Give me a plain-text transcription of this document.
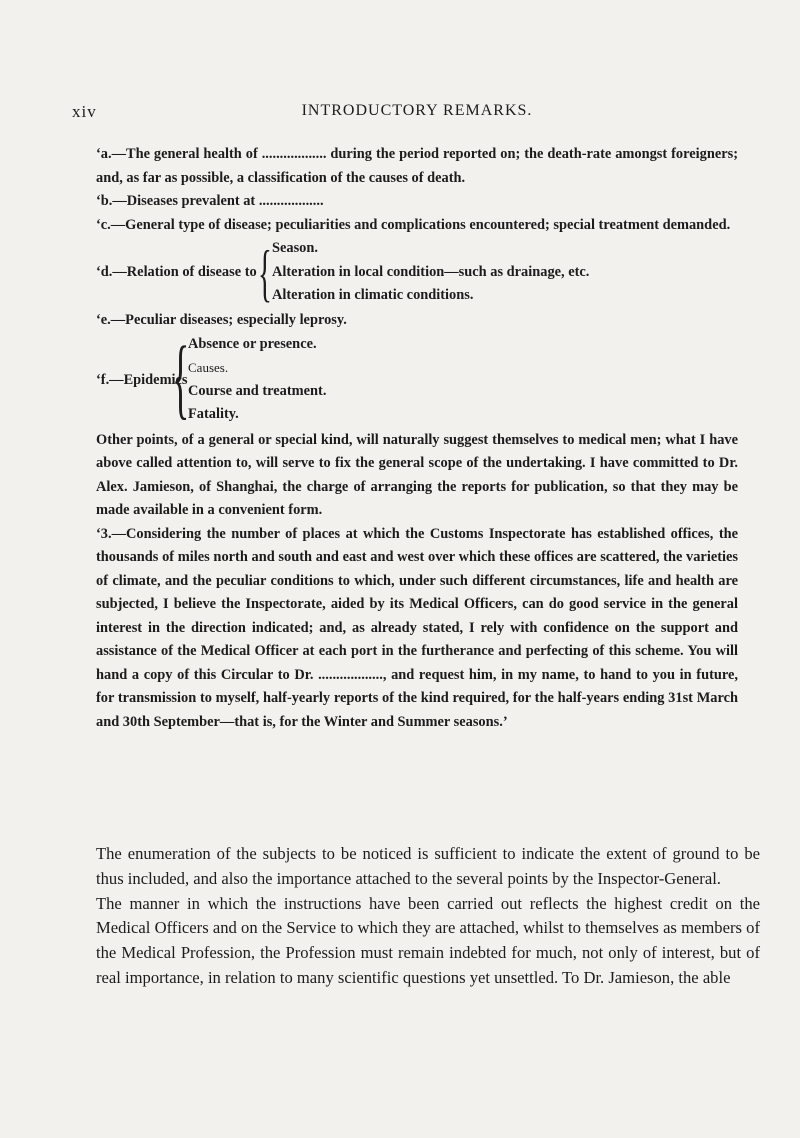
xiv	INTRODUCTORY REMARKS.

‘a.—The general health of .................. during the period reported on; the death-rate amongst foreigners; and, as far as possible, a classification of the causes of death.

‘b.—Diseases prevalent at ..................

‘c.—General type of disease; peculiarities and complications encountered; special treatment demanded.

‘d.—Relation of disease to { Season.
Alteration in local condition—such as drainage, etc.
Alteration in climatic conditions.

‘e.—Peculiar diseases; especially leprosy.

‘f.—Epidemics
{
Absence or presence.
Causes.
Course and treatment.
Fatality.

Other points, of a general or special kind, will naturally suggest themselves to medical men; what I have above called attention to, will serve to fix the general scope of the undertaking. I have committed to Dr. Alex. Jamieson, of Shanghai, the charge of arranging the reports for publication, so that they may be made available in a convenient form.

‘3.—Considering the number of places at which the Customs Inspectorate has established offices, the thousands of miles north and south and east and west over which these offices are scattered, the varieties of climate, and the peculiar conditions to which, under such different circumstances, life and health are subjected, I believe the Inspectorate, aided by its Medical Officers, can do good service in the general interest in the direction indicated; and, as already stated, I rely with confidence on the support and assistance of the Medical Officer at each port in the furtherance and perfecting of this scheme. You will hand a copy of this Circular to Dr. .................., and request him, in my name, to hand to you in future, for transmission to myself, half-yearly reports of the kind required, for the half-years ending 31st March and 30th September—that is, for the Winter and Summer seasons.’

The enumeration of the subjects to be noticed is sufficient to indicate the extent of ground to be thus included, and also the importance attached to the several points by the Inspector-General.

The manner in which the instructions have been carried out reflects the highest credit on the Medical Officers and on the Service to which they are attached, whilst to themselves as members of the Medical Profession, the Profession must remain indebted for much, not only of interest, but of real importance, in relation to many scientific questions yet unsettled. To Dr. Jamieson, the able
